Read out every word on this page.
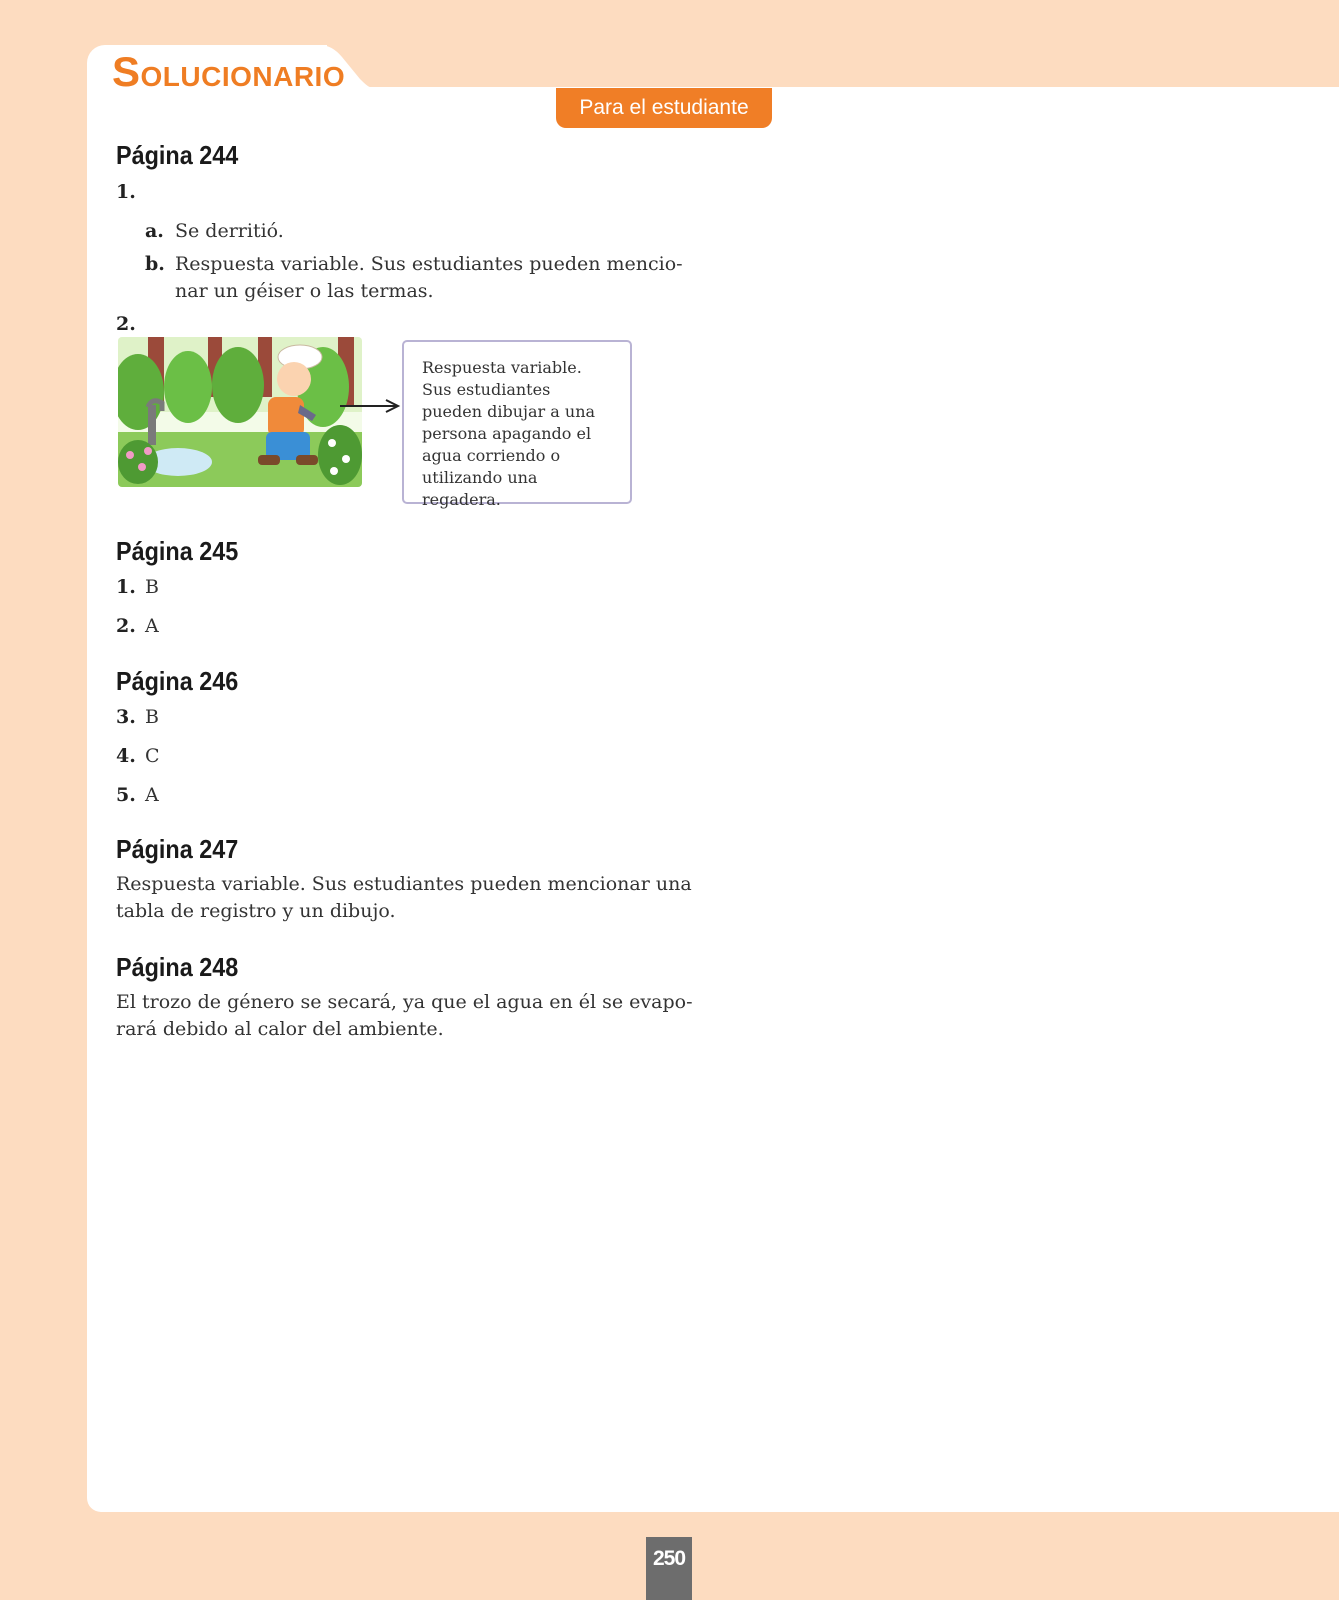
SOLUCIONARIO
Para el estudiante
Página 244
1.
a. Se derritió.
b. Respuesta variable. Sus estudiantes pueden mencio-
nar un géiser o las termas.
2.
Respuesta variable. Sus estudiantes pueden dibujar a una persona apagando el agua corriendo o utilizando una regadera.
Página 245
1. B
2. A
Página 246
3. B
4. C
5. A
Página 247
Respuesta variable. Sus estudiantes pueden mencionar una
tabla de registro y un dibujo.
Página 248
El trozo de género se secará, ya que el agua en él se evapo-
rará debido al calor del ambiente.
250
